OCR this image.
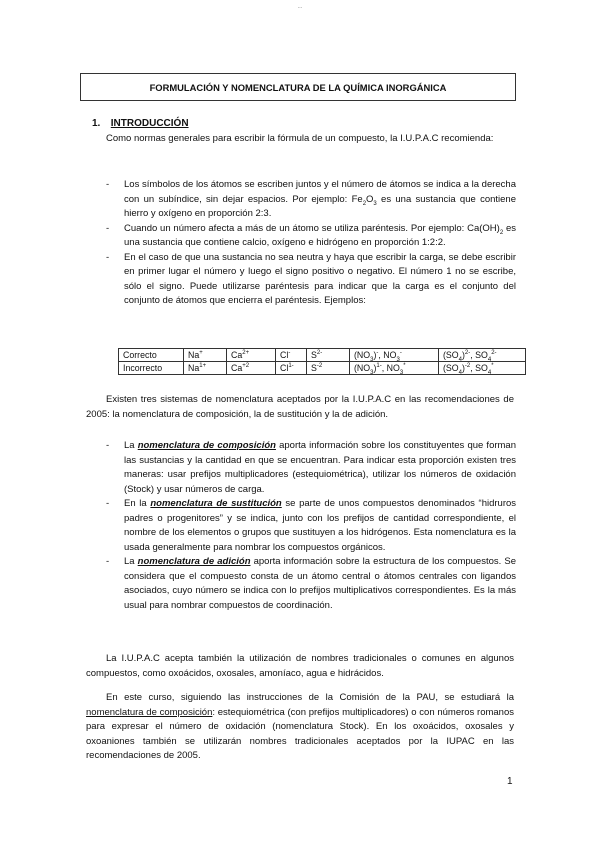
...
FORMULACIÓN Y NOMENCLATURA DE LA QUÍMICA INORGÁNICA
1. INTRODUCCIÓN

Como normas generales para escribir la fórmula de un compuesto, la I.U.P.A.C recomienda:

- Los símbolos de los átomos se escriben juntos y el número de átomos se indica a la derecha con un subíndice, sin dejar espacios. Por ejemplo: $Fe_2O_3$ es una sustancia que contiene hierro y oxígeno en proporción 2:3.
- Cuando un número afecta a más de un átomo se utiliza paréntesis. Por ejemplo: $Ca(OH)_2$ es una sustancia que contiene calcio, oxígeno e hidrógeno en proporción 1:2:2.
- En el caso de que una sustancia no sea neutra y haya que escribir la carga, se debe escribir en primer lugar el número y luego el signo positivo o negativo. El número 1 no se escribe, sólo el signo. Puede utilizarse paréntesis para indicar que la carga es el conjunto del conjunto de átomos que encierra el paréntesis. Ejemplos:
Correcto	Na+	$Ca^{2+}$	Cl-	$S^{2-}$	$(NO_3)^-$, $NO_3^-$	$(SO_4)^{2-}$, $SO_4^{2-}$
Incorrecto	$Na^{1+}$	$Ca^{+2}$	$Cl^{1-}$	$S^{-2}$	$(NO_3)^{1-}$, $NO_3^*$	$(SO_4)^{-2}$, $SO_4^*$

Existen tres sistemas de nomenclatura aceptados por la I.U.P.A.C en las recomendaciones de 2005: la nomenclatura de composición, la de sustitución y la de adición.

- La nomenclatura de composición aporta información sobre los constituyentes que forman las sustancias y la cantidad en que se encuentran. Para indicar esta proporción existen tres maneras: usar prefijos multiplicadores (estequiométrica), utilizar los números de oxidación (Stock) y usar números de carga.
- En la nomenclatura de sustitución se parte de unos compuestos denominados “hidruros padres o progenitores” y se indica, junto con los prefijos de cantidad correspondiente, el nombre de los elementos o grupos que sustituyen a los hidrógenos. Esta nomenclatura es la usada generalmente para nombrar los compuestos orgánicos.
- La nomenclatura de adición aporta información sobre la estructura de los compuestos. Se considera que el compuesto consta de un átomo central o átomos centrales con ligandos asociados, cuyo número se indica con lo prefijos multiplicativos correspondientes. Es la más usual para nombrar compuestos de coordinación.

La I.U.P.A.C acepta también la utilización de nombres tradicionales o comunes en algunos compuestos, como oxoácidos, oxosales, amoníaco, agua e hidrácidos.

En este curso, siguiendo las instrucciones de la Comisión de la PAU, se estudiará la nomenclatura de composición: estequiométrica (con prefijos multiplicadores) o con números romanos para expresar el número de oxidación (nomenclatura Stock). En los oxoácidos, oxosales y oxoaniones también se utilizarán nombres tradicionales aceptados por la IUPAC en las recomendaciones de 2005.

1
